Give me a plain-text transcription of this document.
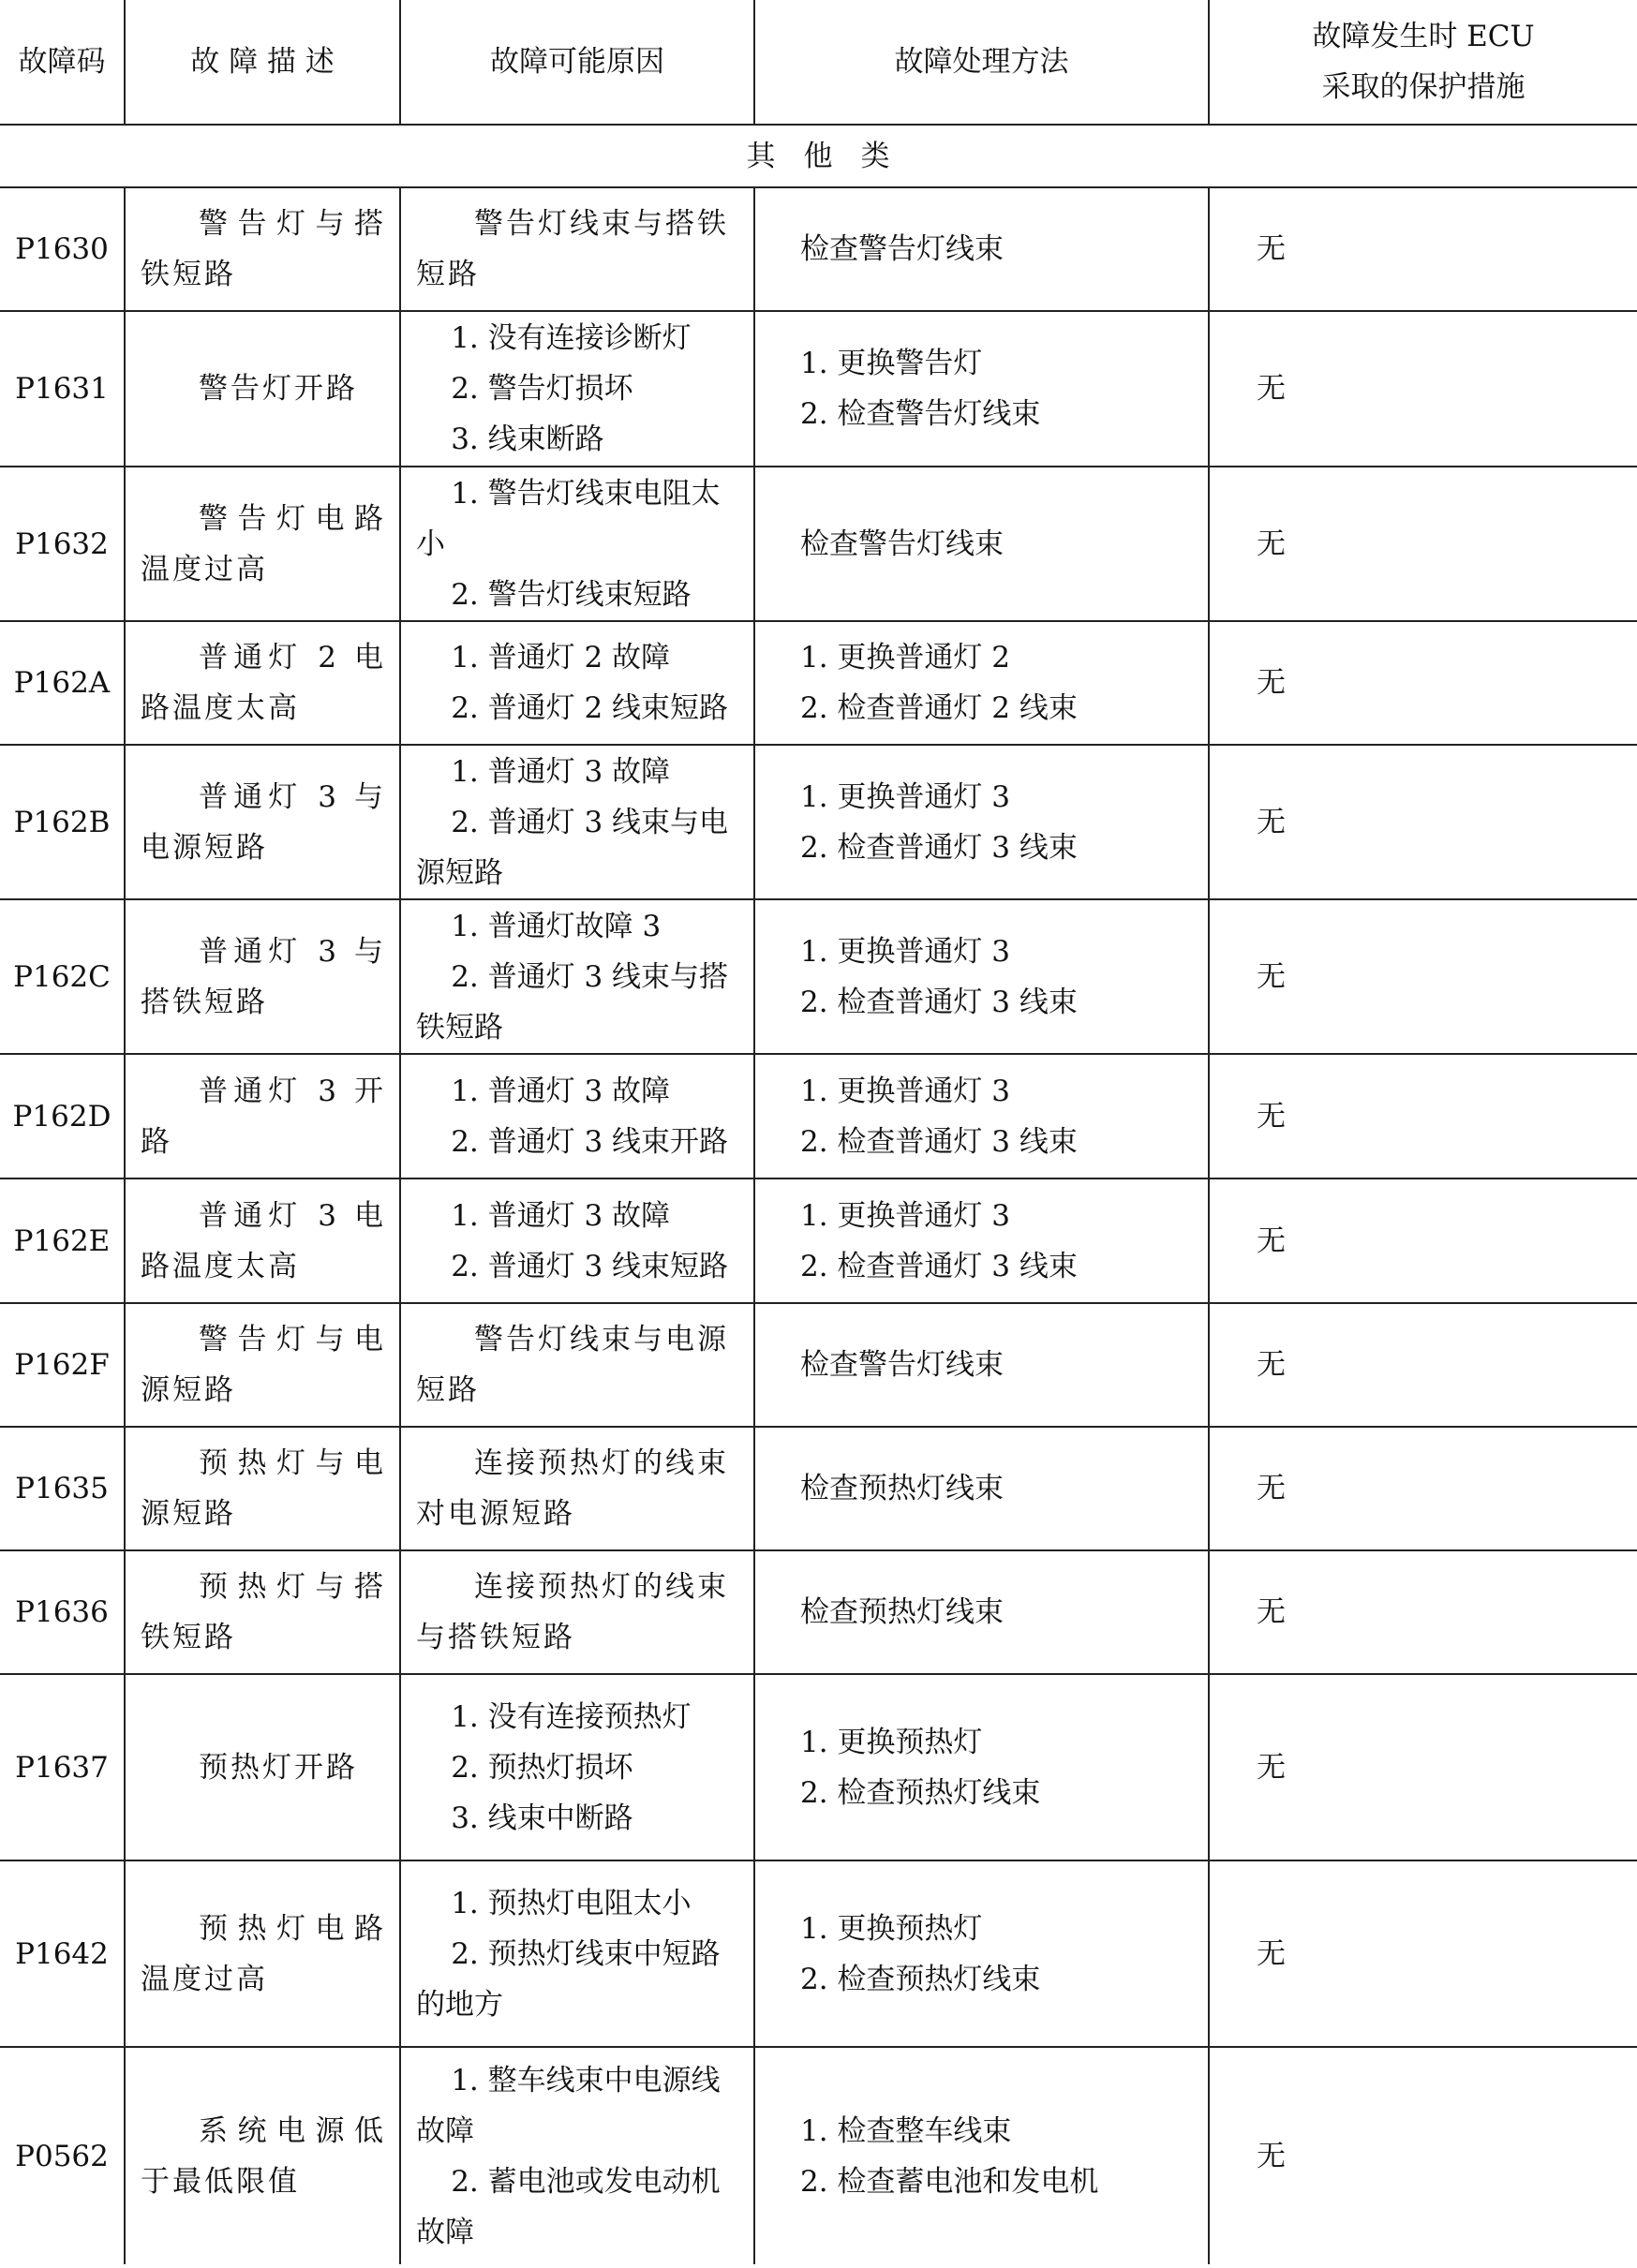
故障码	故 障 描 述	故障可能原因	故障处理方法	故障发生时 ECU
采取的保护措施

其他类				
P1630	警告灯与搭铁短路	警告灯线束与搭铁短路	检查警告灯线束	无
P1631	警告灯开路	1. 没有连接诊断灯
2. 警告灯损坏
3. 线束断路	1. 更换警告灯
2. 检查警告灯线束	无
P1632	警告灯电路温度过高	1. 警告灯线束电阻太小
2. 警告灯线束短路	检查警告灯线束	无
P162A	普通灯 2 电路温度太高	1. 普通灯 2 故障
2. 普通灯 2 线束短路	1. 更换普通灯 2
2. 检查普通灯 2 线束	无
P162B	普通灯 3 与电源短路	1. 普通灯 3 故障
2. 普通灯 3 线束与电源短路	1. 更换普通灯 3
2. 检查普通灯 3 线束	无
P162C	普通灯 3 与搭铁短路	1. 普通灯故障 3
2. 普通灯 3 线束与搭铁短路	1. 更换普通灯 3
2. 检查普通灯 3 线束	无
P162D	普通灯 3 开路	1. 普通灯 3 故障
2. 普通灯 3 线束开路	1. 更换普通灯 3
2. 检查普通灯 3 线束	无
P162E	普通灯 3 电路温度太高	1. 普通灯 3 故障
2. 普通灯 3 线束短路	1. 更换普通灯 3
2. 检查普通灯 3 线束	无
P162F	警告灯与电源短路	警告灯线束与电源短路	检查警告灯线束	无
P1635	预热灯与电源短路	连接预热灯的线束对电源短路	检查预热灯线束	无
P1636	预热灯与搭铁短路	连接预热灯的线束与搭铁短路	检查预热灯线束	无
P1637	预热灯开路	1. 没有连接预热灯
2. 预热灯损坏
3. 线束中断路	1. 更换预热灯
2. 检查预热灯线束	无
P1642	预热灯电路温度过高	1. 预热灯电阻太小
2. 预热灯线束中短路的地方	1. 更换预热灯
2. 检查预热灯线束	无
P0562	系统电源低于最低限值	1. 整车线束中电源线故障
2. 蓄电池或发电动机故障	1. 检查整车线束
2. 检查蓄电池和发电机	无
